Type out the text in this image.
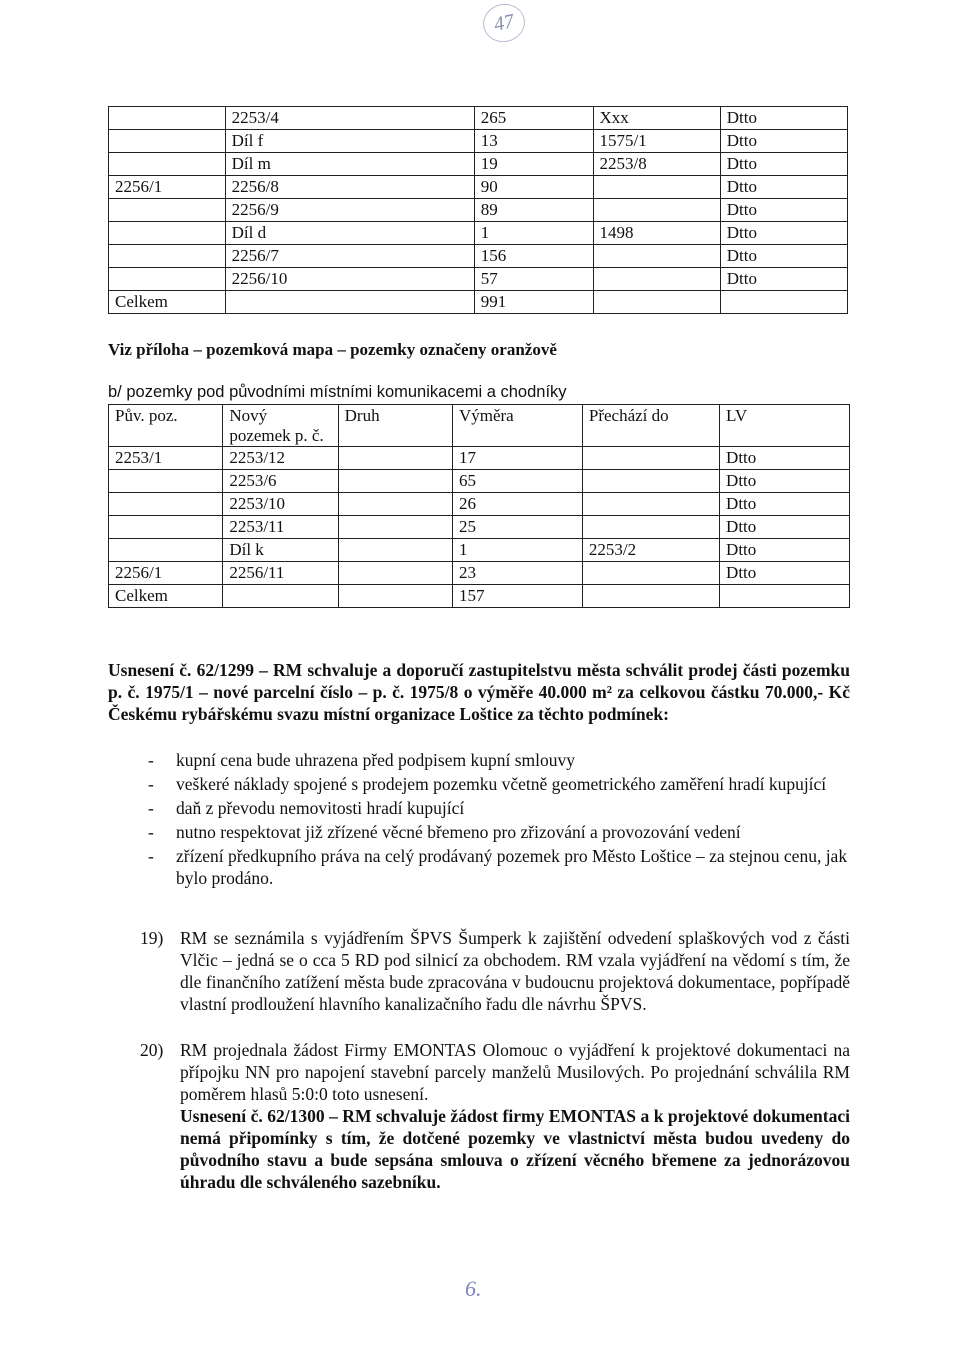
47
	2253/4	265	Xxx	Dtto
	Díl f	13	1575/1	Dtto
	Díl m	19	2253/8	Dtto
2256/1	2256/8	90		Dtto
	2256/9	89		Dtto
	Díl d	1	1498	Dtto
	2256/7	156		Dtto
	2256/10	57		Dtto
Celkem		991		
Viz příloha – pozemková mapa – pozemky označeny oranžově
b/ pozemky pod původními místními komunikacemi a chodníky
Pův. poz.	Nový pozemek p. č.	Druh	Výměra	Přechází do	LV
2253/1	2253/12		17		Dtto
	2253/6		65		Dtto
	2253/10		26		Dtto
	2253/11		25		Dtto
	Díl k		1	2253/2	Dtto
2256/1	2256/11		23		Dtto
Celkem			157		
Usnesení č. 62/1299 – RM schvaluje a doporučí zastupitelstvu města schválit prodej části pozemku p. č. 1975/1 – nové parcelní číslo – p. č. 1975/8 o výměře 40.000 m² za celkovou částku 70.000,- Kč Českému rybářskému svazu místní organizace Loštice za těchto podmínek:
- kupní cena bude uhrazena před podpisem kupní smlouvy
- veškeré náklady spojené s prodejem pozemku včetně geometrického zaměření hradí kupující
- daň z převodu nemovitosti hradí kupující
- nutno respektovat již zřízené věcné břemeno pro zřizování a provozování vedení
- zřízení předkupního práva na celý prodávaný pozemek pro Město Loštice – za stejnou cenu, jak bylo prodáno.
19) RM se seznámila s vyjádřením ŠPVS Šumperk k zajištění odvedení splaškových vod z části Vlčic – jedná se o cca 5 RD pod silnicí za obchodem. RM vzala vyjádření na vědomí s tím, že dle finančního zatížení města bude zpracována v budoucnu projektová dokumentace, popřípadě vlastní prodloužení hlavního kanalizačního řadu dle návrhu ŠPVS.
20) RM projednala žádost Firmy EMONTAS Olomouc o vyjádření k projektové dokumentaci na přípojku NN pro napojení stavební parcely manželů Musilových. Po projednání schválila RM poměrem hlasů 5:0:0 toto usnesení.
Usnesení č. 62/1300 – RM schvaluje žádost firmy EMONTAS a k projektové dokumentaci nemá připomínky s tím, že dotčené pozemky ve vlastnictví města budou uvedeny do původního stavu a bude sepsána smlouva o zřízení věcného břemene za jednorázovou úhradu dle schváleného sazebníku.
6.
